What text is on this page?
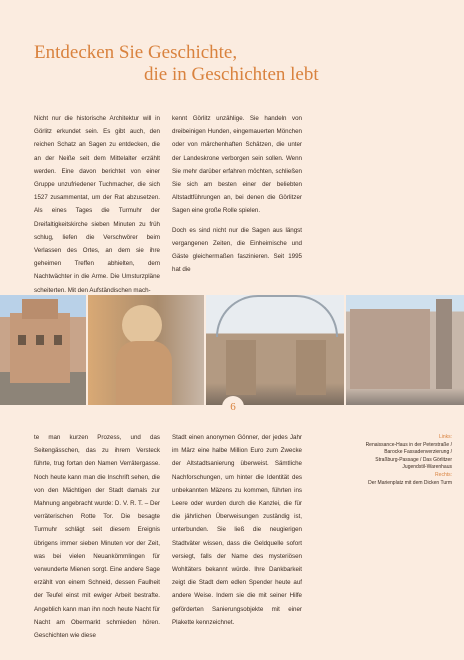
Entdecken Sie Geschichte,
die in Geschichten lebt

Nicht nur die historische Architektur will in Görlitz erkundet sein. Es gibt auch, den reichen Schatz an Sagen zu entdecken, die an der Neiße seit dem Mittelalter erzählt werden. Eine davon berichtet von einer Gruppe unzufriedener Tuchmacher, die sich 1527 zusammentat, um der Rat abzusetzen. Als eines Tages die Turmuhr der Dreifaltigkeitskirche sieben Minuten zu früh schlug, liefen die Verschwörer beim Verlassen des Ortes, an dem sie ihre geheimen Treffen abhielten, dem Nachtwächter in die Arme. Die Umsturzpläne scheiterten. Mit den Aufständischen mach-

kennt Görlitz unzählige. Sie handeln von dreibeinigen Hunden, eingemauerten Mönchen oder von märchenhaften Schätzen, die unter der Landeskrone verborgen sein sollen. Wenn Sie mehr darüber erfahren möchten, schließen Sie sich am besten einer der beliebten Altstadtführungen an, bei denen die Görlitzer Sagen eine große Rolle spielen.

Doch es sind nicht nur die Sagen aus längst vergangenen Zeiten, die Einheimische und Gäste gleichermaßen faszinieren. Seit 1995 hat die

6

te man kurzen Prozess, und das Seitengässchen, das zu ihrem Versteck führte, trug fortan den Namen Verrätergasse. Noch heute kann man die Inschrift sehen, die von den Mächtigen der Stadt damals zur Mahnung angebracht wurde: D. V. R. T. – Der verräterischen Rotte Tor. Die besagte Turmuhr schlägt seit diesem Ereignis übrigens immer sieben Minuten vor der Zeit, was bei vielen Neuankömmlingen für verwunderte Mienen sorgt. Eine andere Sage erzählt von einem Schneid, dessen Faulheit der Teufel einst mit ewiger Arbeit bestrafte. Angeblich kann man ihn noch heute Nacht für Nacht am Obermarkt schmieden hören. Geschichten wie diese

Stadt einen anonymen Gönner, der jedes Jahr im März eine halbe Million Euro zum Zwecke der Altstadtsanierung überweist. Sämtliche Nachforschungen, um hinter die Identität des unbekannten Mäzens zu kommen, führten ins Leere oder wurden durch die Kanzlei, die für die jährlichen Überweisungen zuständig ist, unterbunden. Sie ließ die neugierigen Stadtväter wissen, dass die Geldquelle sofort versiegt, falls der Name des mysteriösen Wohltäters bekannt würde. Ihre Dankbarkeit zeigt die Stadt dem edlen Spender heute auf andere Weise. Indem sie die mit seiner Hilfe geförderten Sanierungsobjekte mit einer Plakette kennzeichnet.

Links:
Renaissance-Haus in der Peterstraße / Barocke Fassadenverzierung / Straßburg-Passage / Das Görlitzer Jugendstil-Warenhaus
Rechts:
Der Marienplatz mit dem Dicken Turm
